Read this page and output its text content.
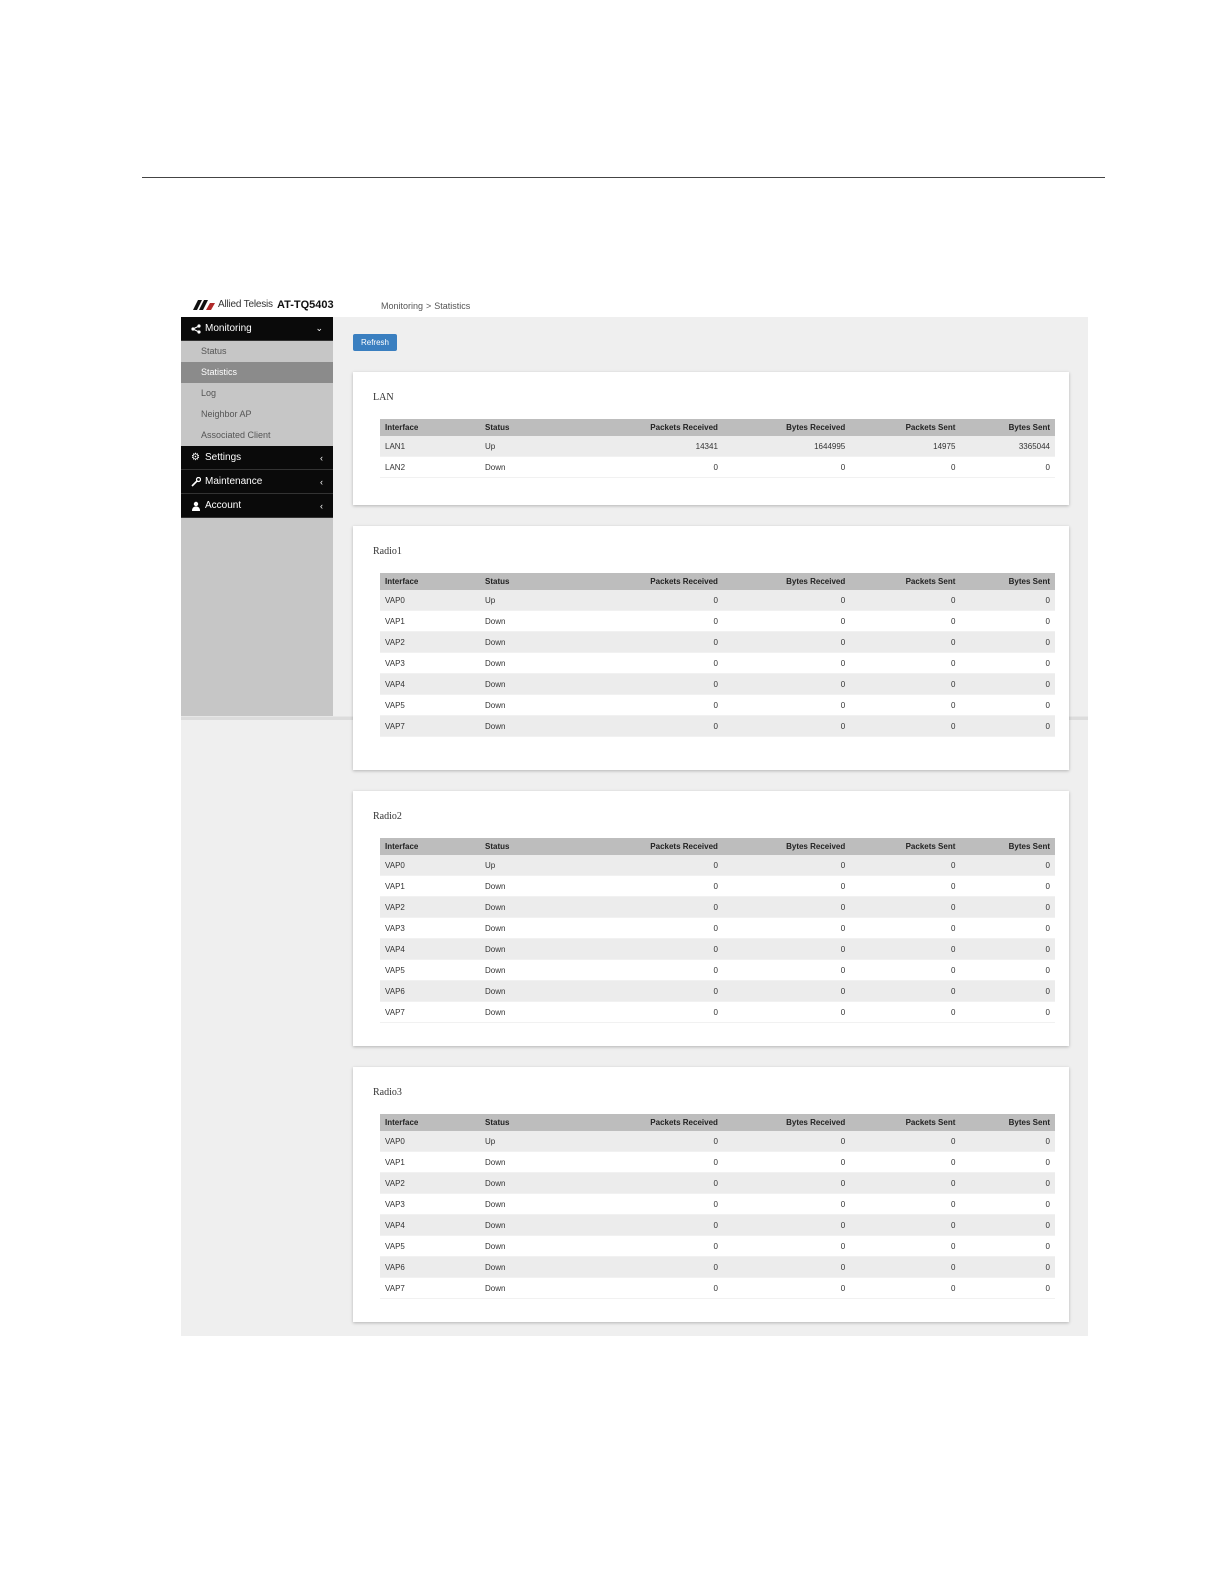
Allied Telesis AT-TQ5403	Monitoring > Statistics
Monitoring	⌄
Status
Statistics
Log
Neighbor AP
Associated Client
⚙ Settings	‹
Maintenance	‹
Account	‹
Refresh
LAN
Interface	Status	Packets Received	Bytes Received	Packets Sent	Bytes Sent
LAN1	Up	14341	1644995	14975	3365044
LAN2	Down	0	0	0	0
Radio1
Interface	Status	Packets Received	Bytes Received	Packets Sent	Bytes Sent
VAP0	Up	0	0	0	0
VAP1	Down	0	0	0	0
VAP2	Down	0	0	0	0
VAP3	Down	0	0	0	0
VAP4	Down	0	0	0	0
VAP5	Down	0	0	0	0
VAP7	Down	0	0	0	0
Radio2
Interface	Status	Packets Received	Bytes Received	Packets Sent	Bytes Sent
VAP0	Up	0	0	0	0
VAP1	Down	0	0	0	0
VAP2	Down	0	0	0	0
VAP3	Down	0	0	0	0
VAP4	Down	0	0	0	0
VAP5	Down	0	0	0	0
VAP6	Down	0	0	0	0
VAP7	Down	0	0	0	0
Radio3
Interface	Status	Packets Received	Bytes Received	Packets Sent	Bytes Sent
VAP0	Up	0	0	0	0
VAP1	Down	0	0	0	0
VAP2	Down	0	0	0	0
VAP3	Down	0	0	0	0
VAP4	Down	0	0	0	0
VAP5	Down	0	0	0	0
VAP6	Down	0	0	0	0
VAP7	Down	0	0	0	0
